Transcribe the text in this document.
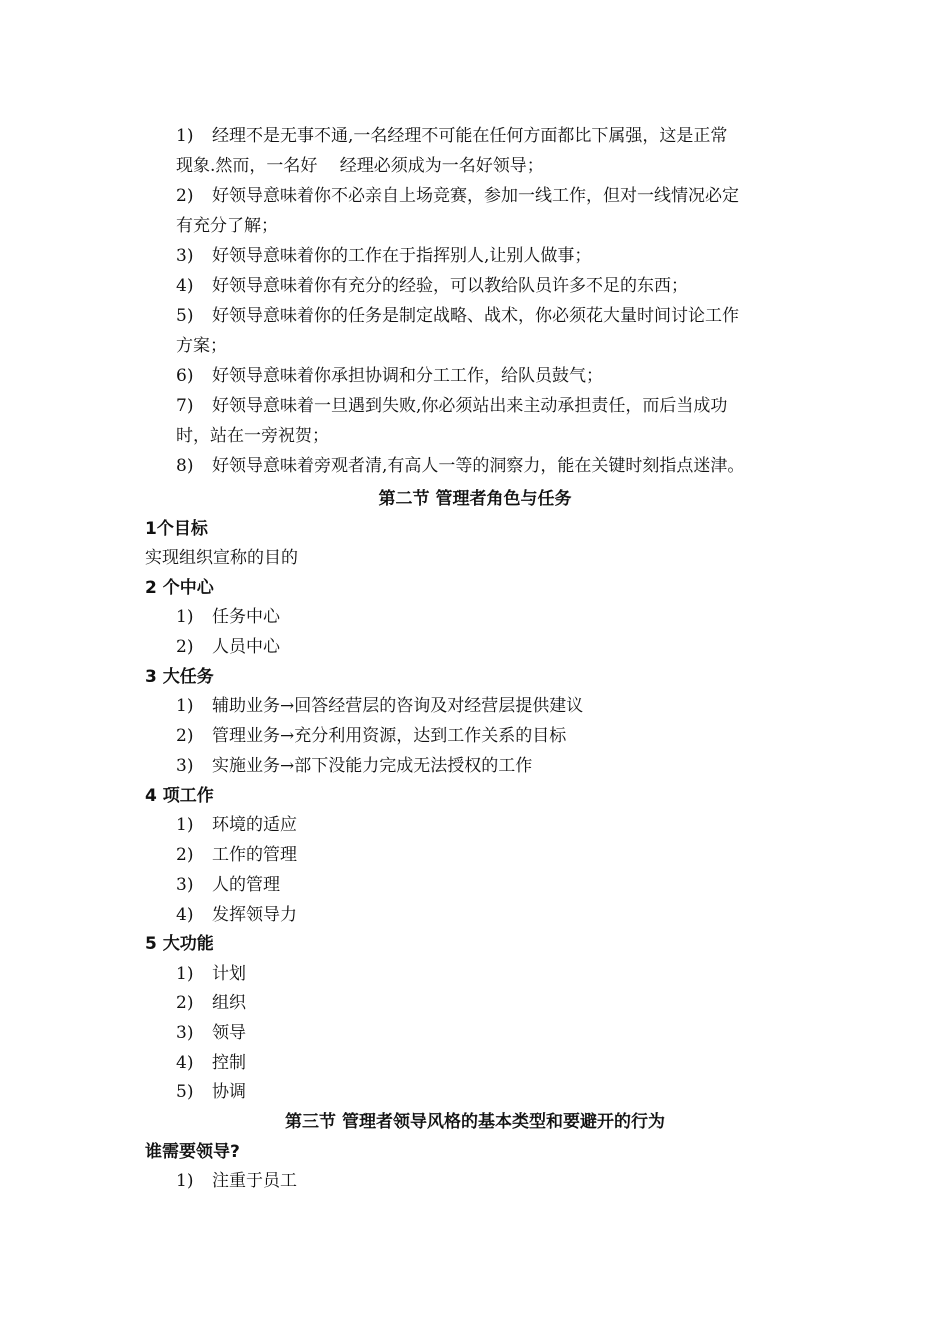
1) 经理不是无事不通,一名经理不可能在任何方面都比下属强，这是正常
现象.然而，一名好　 经理必须成为一名好领导；
2) 好领导意味着你不必亲自上场竞赛，参加一线工作，但对一线情况必定
有充分了解；
3) 好领导意味着你的工作在于指挥别人,让别人做事；
4) 好领导意味着你有充分的经验，可以教给队员许多不足的东西；
5) 好领导意味着你的任务是制定战略、战术，你必须花大量时间讨论工作
方案；
6) 好领导意味着你承担协调和分工工作，给队员鼓气；
7) 好领导意味着一旦遇到失败,你必须站出来主动承担责任，而后当成功
时，站在一旁祝贺；
8) 好领导意味着旁观者清,有高人一等的洞察力，能在关键时刻指点迷津。
第二节 管理者角色与任务
1个目标
实现组织宣称的目的
2 个中心
1) 任务中心
2) 人员中心
3 大任务
1) 辅助业务→回答经营层的咨询及对经营层提供建议
2) 管理业务→充分利用资源，达到工作关系的目标
3) 实施业务→部下没能力完成无法授权的工作
4 项工作
1) 环境的适应
2) 工作的管理
3) 人的管理
4) 发挥领导力
5 大功能
1) 计划
2) 组织
3) 领导
4) 控制
5) 协调
第三节 管理者领导风格的基本类型和要避开的行为
谁需要领导?
1) 注重于员工
